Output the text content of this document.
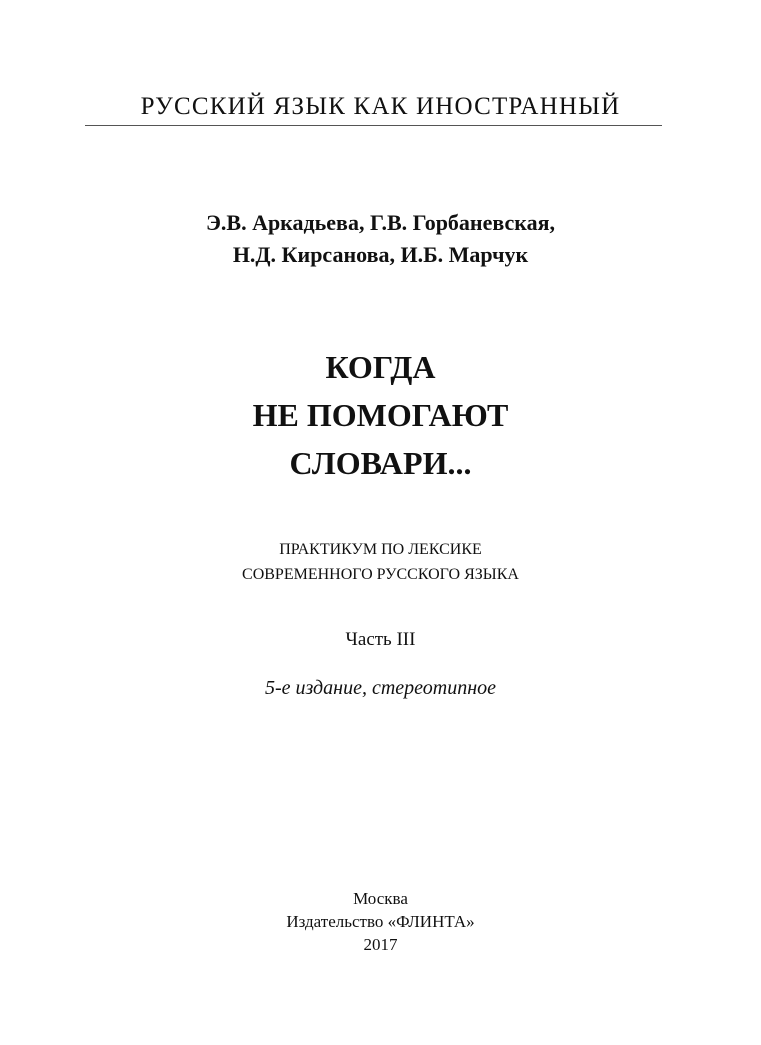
РУССКИЙ ЯЗЫК КАК ИНОСТРАННЫЙ
Э.В. Аркадьева, Г.В. Горбаневская,
Н.Д. Кирсанова, И.Б. Марчук
КОГДА
НЕ ПОМОГАЮТ
СЛОВАРИ...
ПРАКТИКУМ ПО ЛЕКСИКЕ
СОВРЕМЕННОГО РУССКОГО ЯЗЫКА
Часть III
5-е издание, стереотипное
Москва
Издательство «ФЛИНТА»
2017
